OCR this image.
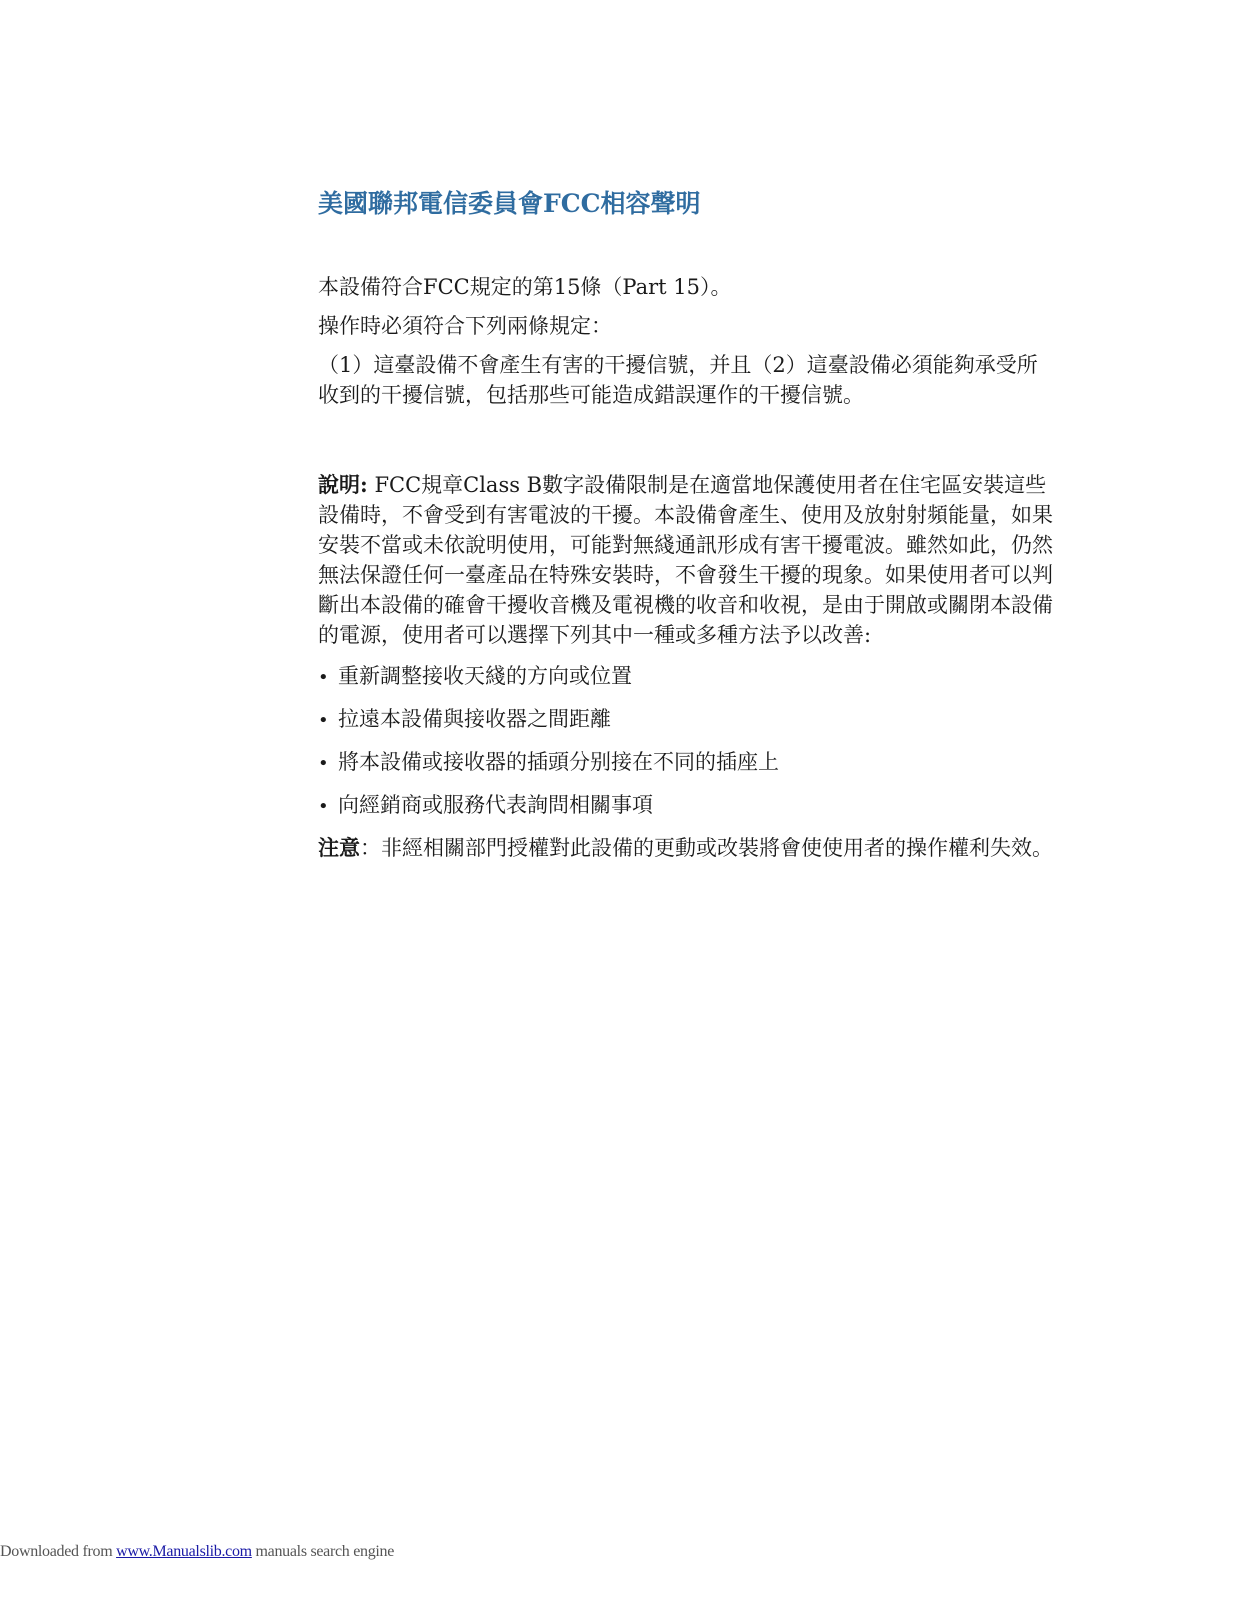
美國聯邦電信委員會FCC相容聲明

本設備符合FCC規定的第15條（Part 15）。

操作時必須符合下列兩條規定：

（1）這臺設備不會產生有害的干擾信號，并且（2）這臺設備必須能夠承受所收到的干擾信號，包括那些可能造成錯誤運作的干擾信號。

說明: FCC規章Class B數字設備限制是在適當地保護使用者在住宅區安裝這些設備時，不會受到有害電波的干擾。本設備會產生、使用及放射射頻能量，如果安裝不當或未依說明使用，可能對無綫通訊形成有害干擾電波。雖然如此，仍然無法保證任何一臺產品在特殊安裝時，不會發生干擾的現象。如果使用者可以判斷出本設備的確會干擾收音機及電視機的收音和收視，是由于開啟或關閉本設備的電源，使用者可以選擇下列其中一種或多種方法予以改善:

• 重新調整接收天綫的方向或位置
• 拉遠本設備與接收器之間距離
• 將本設備或接收器的插頭分别接在不同的插座上
• 向經銷商或服務代表詢問相關事項

注意：非經相關部門授權對此設備的更動或改裝將會使使用者的操作權利失效。

Downloaded from www.Manualslib.com manuals search engine
